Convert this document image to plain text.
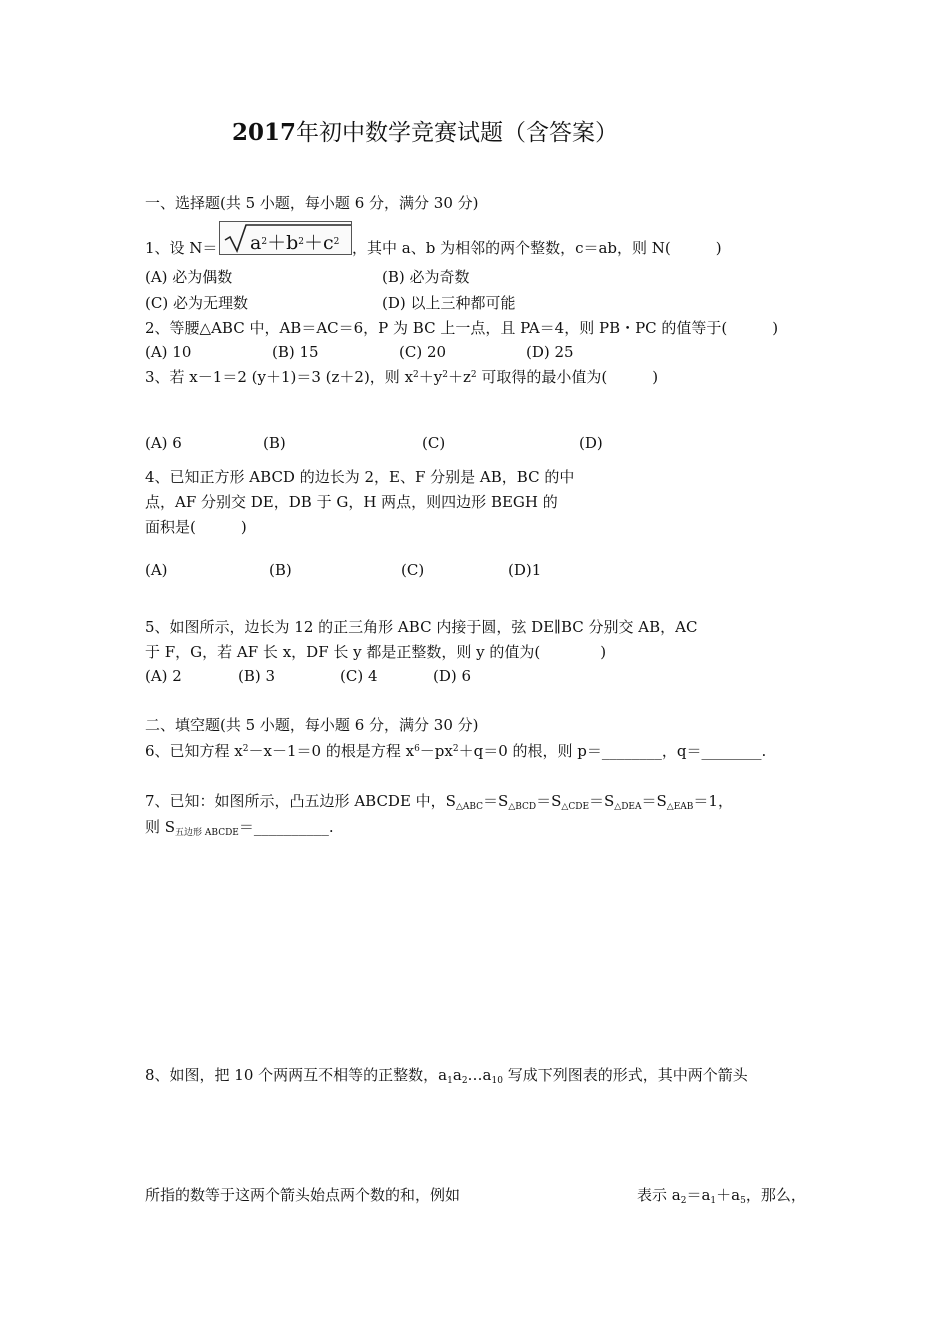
2017年初中数学竞赛试题（含答案）
一、选择题(共 5 小题，每小题 6 分，满分 30 分)
1、设 $N= a^2+b^2+c^2$ ，其中 a、b 为相邻的两个整数，c＝ab，则 N(　　　)
(A) 必为偶数	(B) 必为奇数
(C) 必为无理数	(D) 以上三种都可能
2、等腰△ABC 中，AB＝AC＝6，P 为 BC 上一点，且 PA＝4，则 PB・PC 的值等于(　　　)
(A) 10	(B) 15	(C) 20	(D) 25
3、若 x－1＝2 (y＋1)＝3 (z＋2)，则 $x^2+y^2+z^2$ 可取得的最小值为(　　　)
(A) 6	(B)	(C)	(D)
4、已知正方形 ABCD 的边长为 2，E、F 分别是 AB，BC 的中
点，AF 分别交 DE，DB 于 G，H 两点，则四边形 BEGH 的
面积是(　　　)
(A)	(B)	(C)	(D)1
5、如图所示，边长为 12 的正三角形 ABC 内接于圆，弦 DE∥BC 分别交 AB，AC
于 F，G，若 AF 长 x，DF 长 y 都是正整数，则 y 的值为(　　　　)
(A) 2	(B) 3	(C) 4	(D) 6
二、填空题(共 5 小题，每小题 6 分，满分 30 分)
6、已知方程 $x^2-x-1=0$ 的根是方程 $x^6-px^2+q=0$ 的根，则 p＝________，q＝________.
7、已知：如图所示，凸五边形 ABCDE 中，$S_{\triangle ABC}=S_{\triangle BCD}=S_{\triangle CDE}=S_{\triangle DEA}=S_{\triangle EAB}=1$，
则 $S_{五边形 ABCDE}=\_\_\_\_\_\_\_\_\_\_$.
8、如图，把 10 个两两互不相等的正整数，$a_1a_2\dots a_{10}$ 写成下列图表的形式，其中两个箭头
所指的数等于这两个箭头始点两个数的和，例如	表示 $a_2=a_1+a_5$，那么，
